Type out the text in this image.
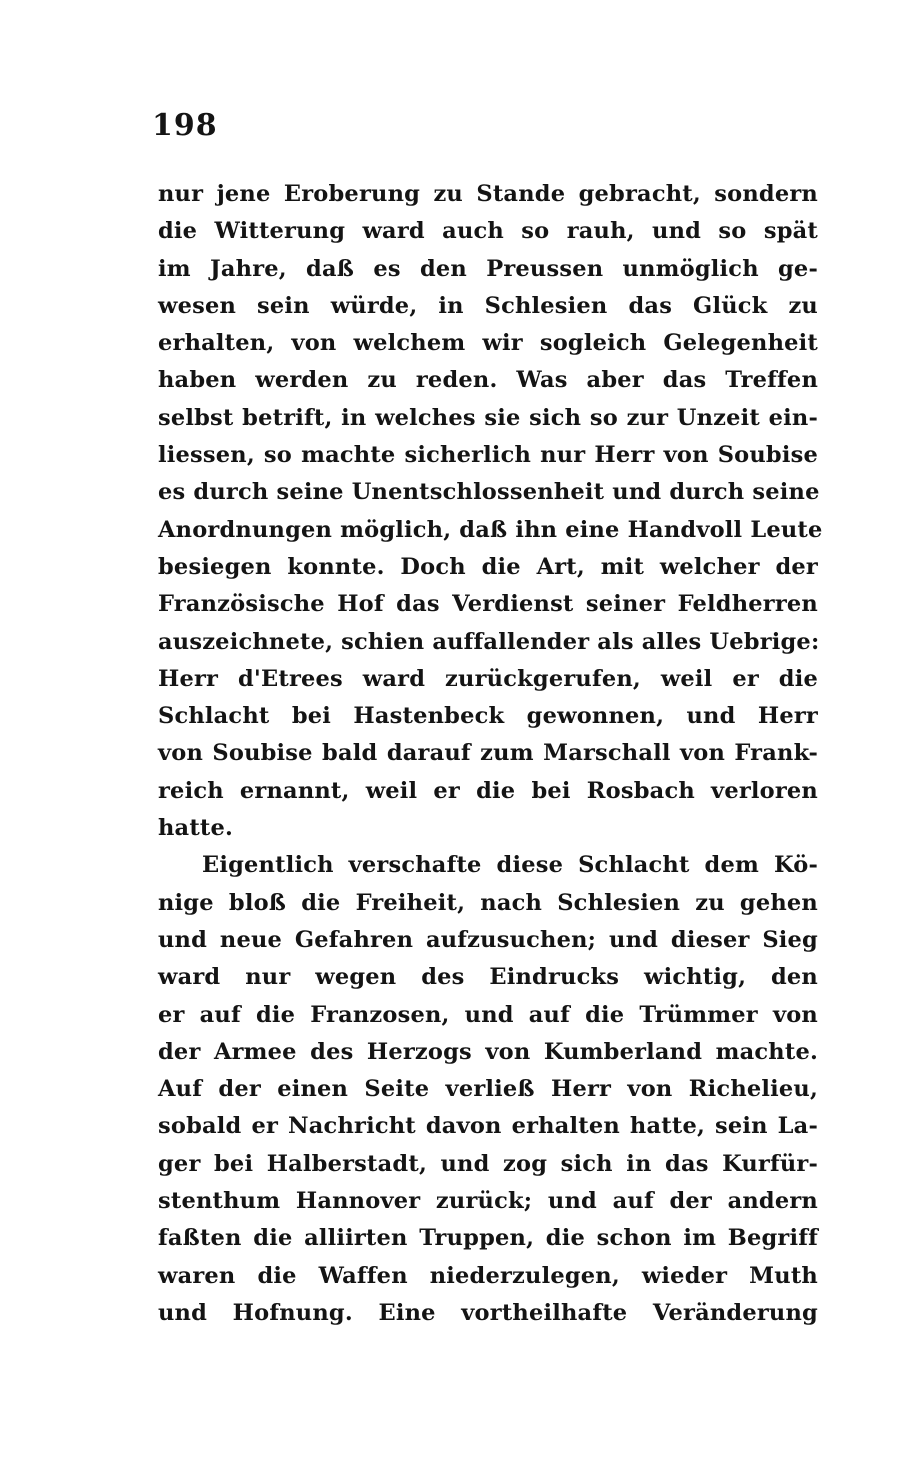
198

nur jene Eroberung zu Stande gebracht, sondern
die Witterung ward auch so rauh, und so spät
im Jahre, daß es den Preussen unmöglich ge-
wesen sein würde, in Schlesien das Glück zu
erhalten, von welchem wir sogleich Gelegenheit
haben werden zu reden. Was aber das Treffen
selbst betrift, in welches sie sich so zur Unzeit ein-
liessen, so machte sicherlich nur Herr von Soubise
es durch seine Unentschlossenheit und durch seine
Anordnungen möglich, daß ihn eine Handvoll Leute
besiegen konnte. Doch die Art, mit welcher der
Französische Hof das Verdienst seiner Feldherren
auszeichnete, schien auffallender als alles Uebrige:
Herr d'Etrees ward zurückgerufen, weil er die
Schlacht bei Hastenbeck gewonnen, und Herr
von Soubise bald darauf zum Marschall von Frank-
reich ernannt, weil er die bei Rosbach verloren
hatte.
Eigentlich verschafte diese Schlacht dem Kö-
nige bloß die Freiheit, nach Schlesien zu gehen
und neue Gefahren aufzusuchen; und dieser Sieg
ward nur wegen des Eindrucks wichtig, den
er auf die Franzosen, und auf die Trümmer von
der Armee des Herzogs von Kumberland machte.
Auf der einen Seite verließ Herr von Richelieu,
sobald er Nachricht davon erhalten hatte, sein La-
ger bei Halberstadt, und zog sich in das Kurfür-
stenthum Hannover zurück; und auf der andern
faßten die alliirten Truppen, die schon im Begriff
waren die Waffen niederzulegen, wieder Muth
und Hofnung. Eine vortheilhafte Veränderung
